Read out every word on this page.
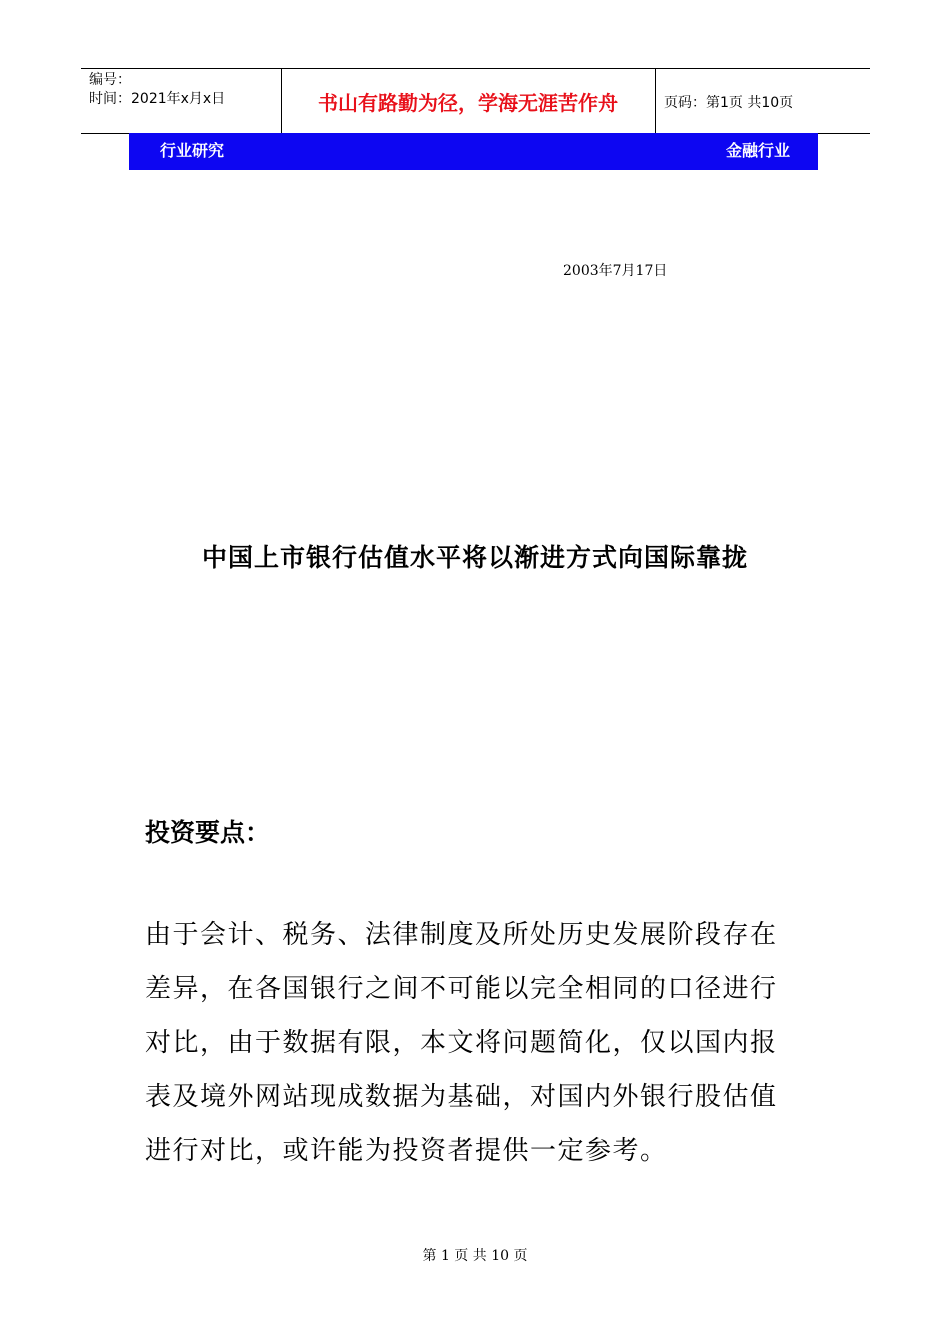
编号：
时间：2021年x月x日	书山有路勤为径，学海无涯苦作舟	页码：第1页 共10页
行业研究	金融行业
2003年7月17日
中国上市银行估值水平将以渐进方式向国际靠拢
投资要点：

由于会计、税务、法律制度及所处历史发展阶段存在
差异，在各国银行之间不可能以完全相同的口径进行
对比，由于数据有限，本文将问题简化，仅以国内报
表及境外网站现成数据为基础，对国内外银行股估值
进行对比，或许能为投资者提供一定参考。

第 1 页 共 10 页
